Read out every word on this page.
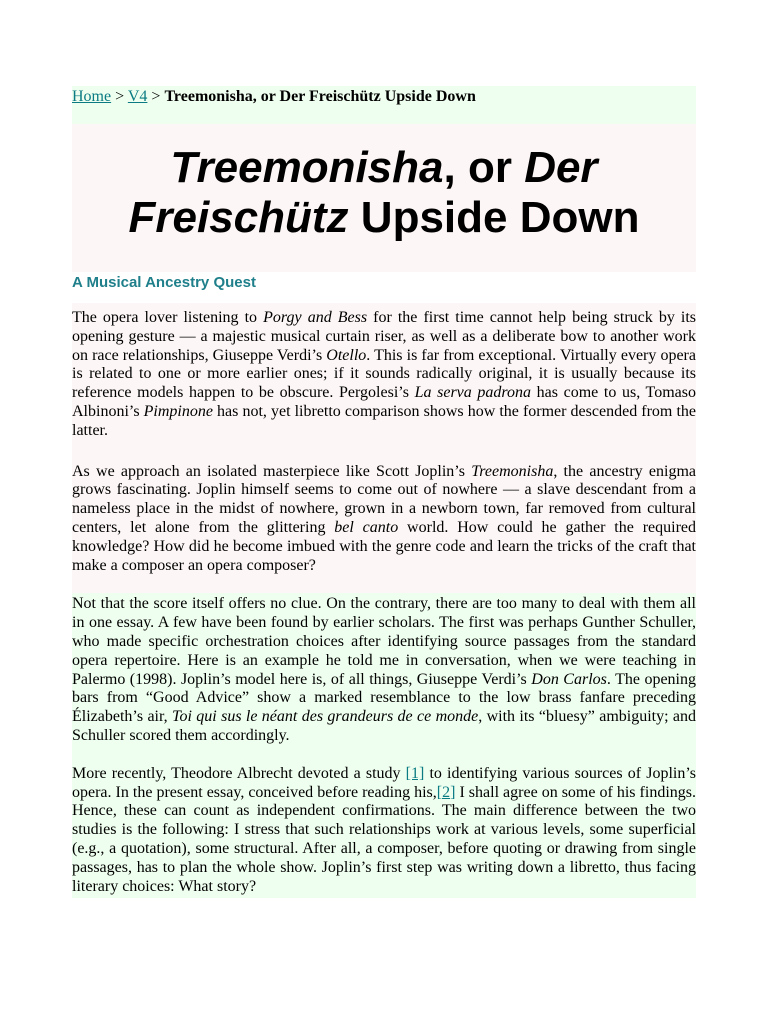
Home > V4 > Treemonisha, or Der Freischütz Upside Down
Treemonisha, or Der Freischütz Upside Down
A Musical Ancestry Quest

The opera lover listening to Porgy and Bess for the first time cannot help being struck by its opening gesture — a majestic musical curtain riser, as well as a deliberate bow to another work on race relationships, Giuseppe Verdi’s Otello. This is far from exceptional. Virtually every opera is related to one or more earlier ones; if it sounds radically original, it is usually because its reference models happen to be obscure. Pergolesi’s La serva padrona has come to us, Tomaso Albinoni’s Pimpinone has not, yet libretto comparison shows how the former descended from the latter.

As we approach an isolated masterpiece like Scott Joplin’s Treemonisha, the ancestry enigma grows fascinating. Joplin himself seems to come out of nowhere — a slave descendant from a nameless place in the midst of nowhere, grown in a newborn town, far removed from cultural centers, let alone from the glittering bel canto world. How could he gather the required knowledge? How did he become imbued with the genre code and learn the tricks of the craft that make a composer an opera composer?

Not that the score itself offers no clue. On the contrary, there are too many to deal with them all in one essay. A few have been found by earlier scholars. The first was perhaps Gunther Schuller, who made specific orchestration choices after identifying source passages from the standard opera repertoire. Here is an example he told me in conversation, when we were teaching in Palermo (1998). Joplin’s model here is, of all things, Giuseppe Verdi’s Don Carlos. The opening bars from “Good Advice” show a marked resemblance to the low brass fanfare preceding Élizabeth’s air, Toi qui sus le néant des grandeurs de ce monde, with its “bluesy” ambiguity; and Schuller scored them accordingly.

More recently, Theodore Albrecht devoted a study [1] to identifying various sources of Joplin’s opera. In the present essay, conceived before reading his,[2] I shall agree on some of his findings. Hence, these can count as independent confirmations. The main difference between the two studies is the following: I stress that such relationships work at various levels, some superficial (e.g., a quotation), some structural. After all, a composer, before quoting or drawing from single passages, has to plan the whole show. Joplin’s first step was writing down a libretto, thus facing literary choices: What story?
